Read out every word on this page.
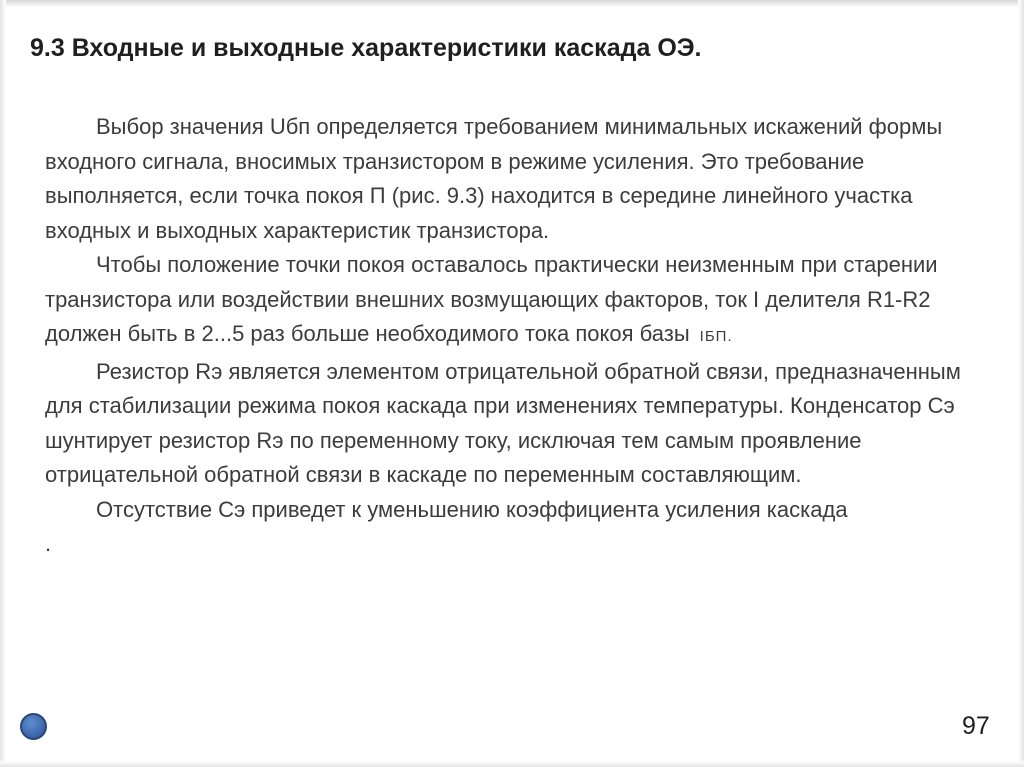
9.3 Входные и выходные характеристики каскада ОЭ.

Выбор значения Uбп определяется требованием минимальных искажений формы входного сигнала, вносимых транзистором в режиме усиления. Это требование выполняется, если точка покоя П (рис. 9.3) находится в середине линейного участка входных и выходных характеристик транзистора.

Чтобы положение точки покоя оставалось практически неизменным при старении транзистора или воздействии внешних возмущающих факторов, ток I делителя R1-R2 должен быть в 2...5 раз больше необходимого тока покоя базы IБП.

Резистор Rэ является элементом отрицательной обратной связи, предназначенным для стабилизации режима покоя каскада при изменениях температуры. Конденсатор Сэ шунтирует резистор Rэ по переменному току, исключая тем самым проявление отрицательной обратной связи в каскаде по переменным составляющим.

Отсутствие Сэ приведет к уменьшению коэффициента усиления каскада

.

97
